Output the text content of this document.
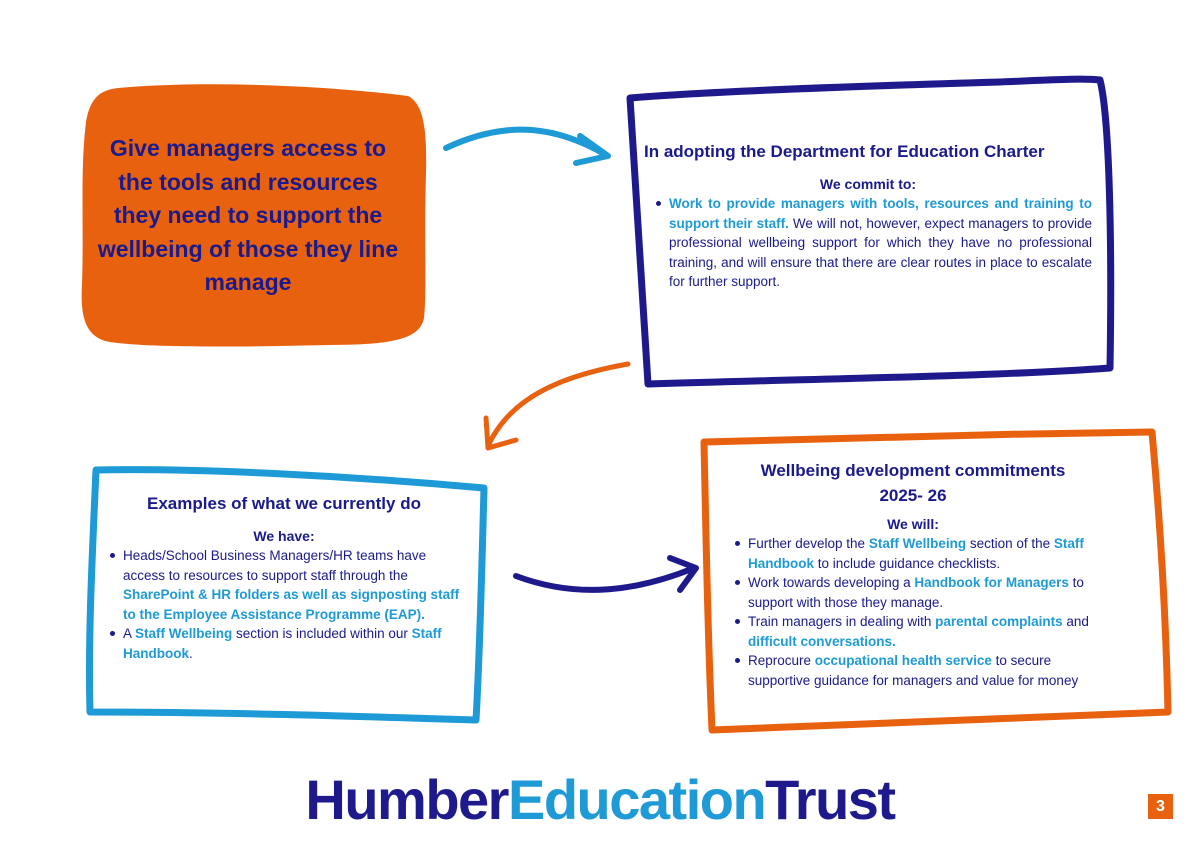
Give managers access to the tools and resources they need to support the wellbeing of those they line manage
In adopting the Department for Education Charter
We commit to:
Work to provide managers with tools, resources and training to support their staff. We will not, however, expect managers to provide professional wellbeing support for which they have no professional training, and will ensure that there are clear routes in place to escalate for further support.
Examples of what we currently do
We have:
Heads/School Business Managers/HR teams have access to resources to support staff through the SharePoint & HR folders as well as signposting staff to the Employee Assistance Programme (EAP).
A Staff Wellbeing section is included within our Staff Handbook.
Wellbeing development commitments
2025- 26
We will:
Further develop the Staff Wellbeing section of the Staff Handbook to include guidance checklists.
Work towards developing a Handbook for Managers to support with those they manage.
Train managers in dealing with parental complaints and difficult conversations.
Reprocure occupational health service to secure supportive guidance for managers and value for money
HumberEducationTrust	3
